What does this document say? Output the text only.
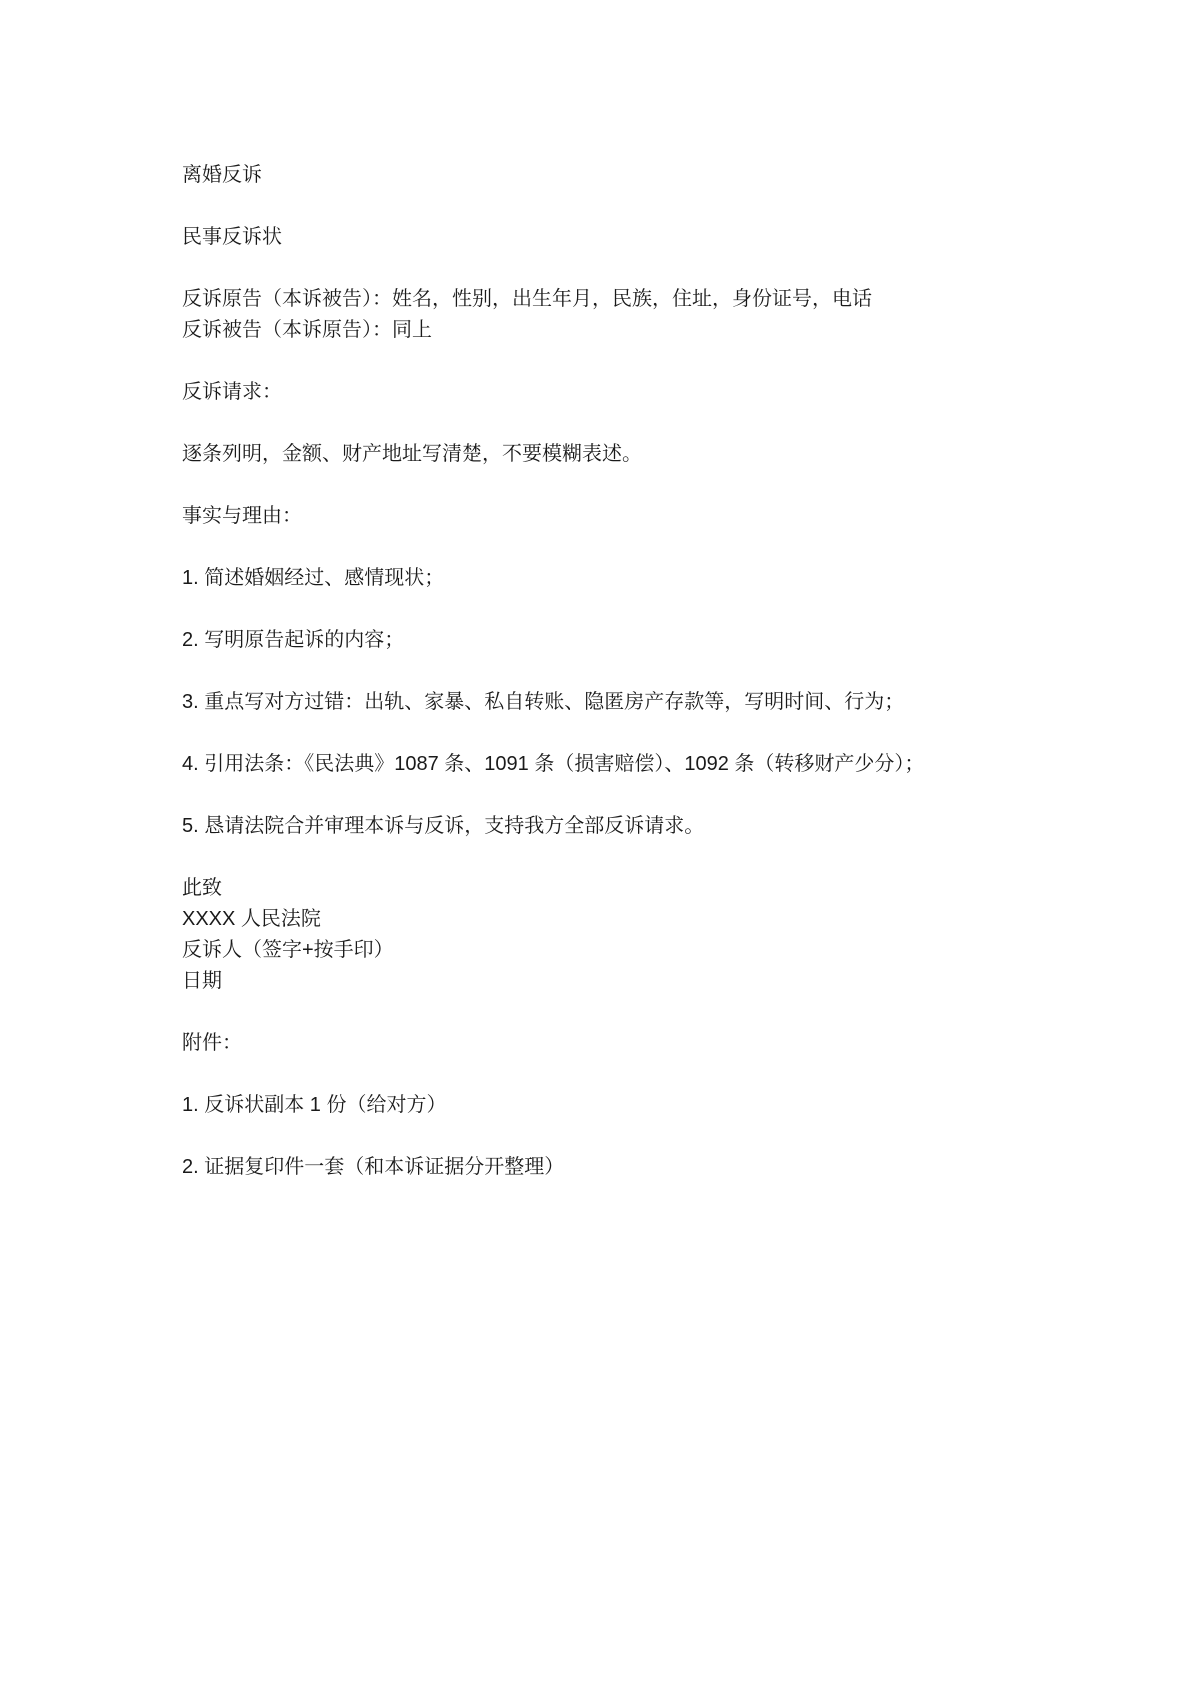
离婚反诉

民事反诉状

反诉原告（本诉被告）：姓名，性别，出生年月，民族，住址，身份证号，电话

反诉被告（本诉原告）：同上

反诉请求：

逐条列明，金额、财产地址写清楚，不要模糊表述。

事实与理由：

1. 简述婚姻经过、感情现状；

2. 写明原告起诉的内容；

3. 重点写对方过错：出轨、家暴、私自转账、隐匿房产存款等，写明时间、行为；

4. 引用法条：《民法典》1087 条、1091 条（损害赔偿）、1092 条（转移财产少分）；

5. 恳请法院合并审理本诉与反诉，支持我方全部反诉请求。

此致

XXXX 人民法院

反诉人（签字+按手印）

日期

附件：

1. 反诉状副本 1 份（给对方）

2. 证据复印件一套（和本诉证据分开整理）
